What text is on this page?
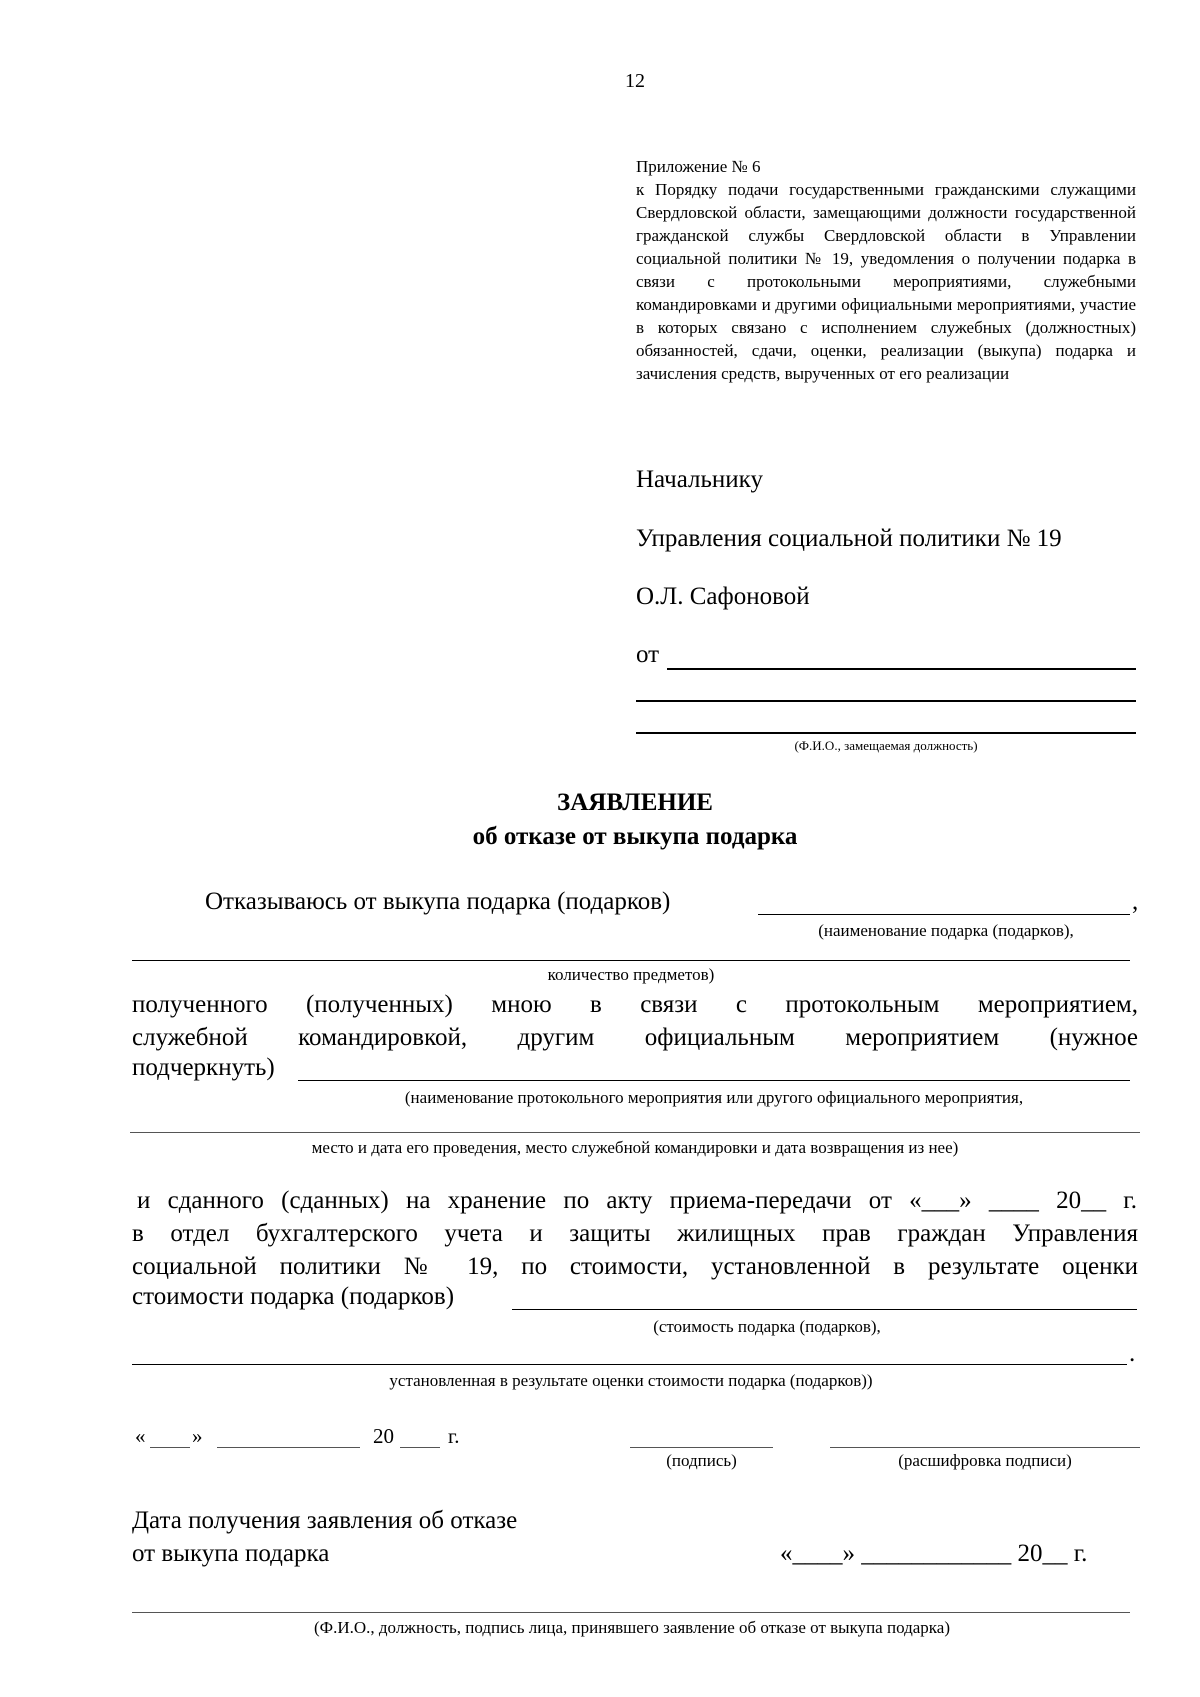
12
Приложение № 6
к Порядку подачи государственными гражданскими служащими Свердловской области, замещающими должности государственной гражданской службы Свердловской области в Управлении социальной политики № 19, уведомления о получении подарка в связи с протокольными мероприятиями, служебными командировками и другими официальными мероприятиями, участие в которых связано с исполнением служебных (должностных) обязанностей, сдачи, оценки, реализации (выкупа) подарка и зачисления средств, вырученных от его реализации
Начальнику
Управления социальной политики № 19
О.Л. Сафоновой
от
(Ф.И.О., замещаемая должность)
ЗАЯВЛЕНИЕ
об отказе от выкупа подарка
Отказываюсь от выкупа подарка (подарков)	,
(наименование подарка (подарков),
количество предметов)
полученного (полученных) мною в связи с протокольным мероприятием,
служебной командировкой, другим официальным мероприятием (нужное
подчеркнуть)
(наименование протокольного мероприятия или другого официального мероприятия,
место и дата его проведения, место служебной командировки и дата возвращения из нее)
и сданного (сданных) на хранение по акту приема-передачи от «___» ____ 20__ г.
в отдел бухгалтерского учета и защиты жилищных прав граждан Управления
социальной политики № 19, по стоимости, установленной в результате оценки
стоимости подарка (подарков)
(стоимость подарка (подарков),
.
установленная в результате оценки стоимости подарка (подарков))
« »	20	г.
(подпись)	(расшифровка подписи)
Дата получения заявления об отказе
от выкупа подарка	«____» ____________ 20__ г.
(Ф.И.О., должность, подпись лица, принявшего заявление об отказе от выкупа подарка)
